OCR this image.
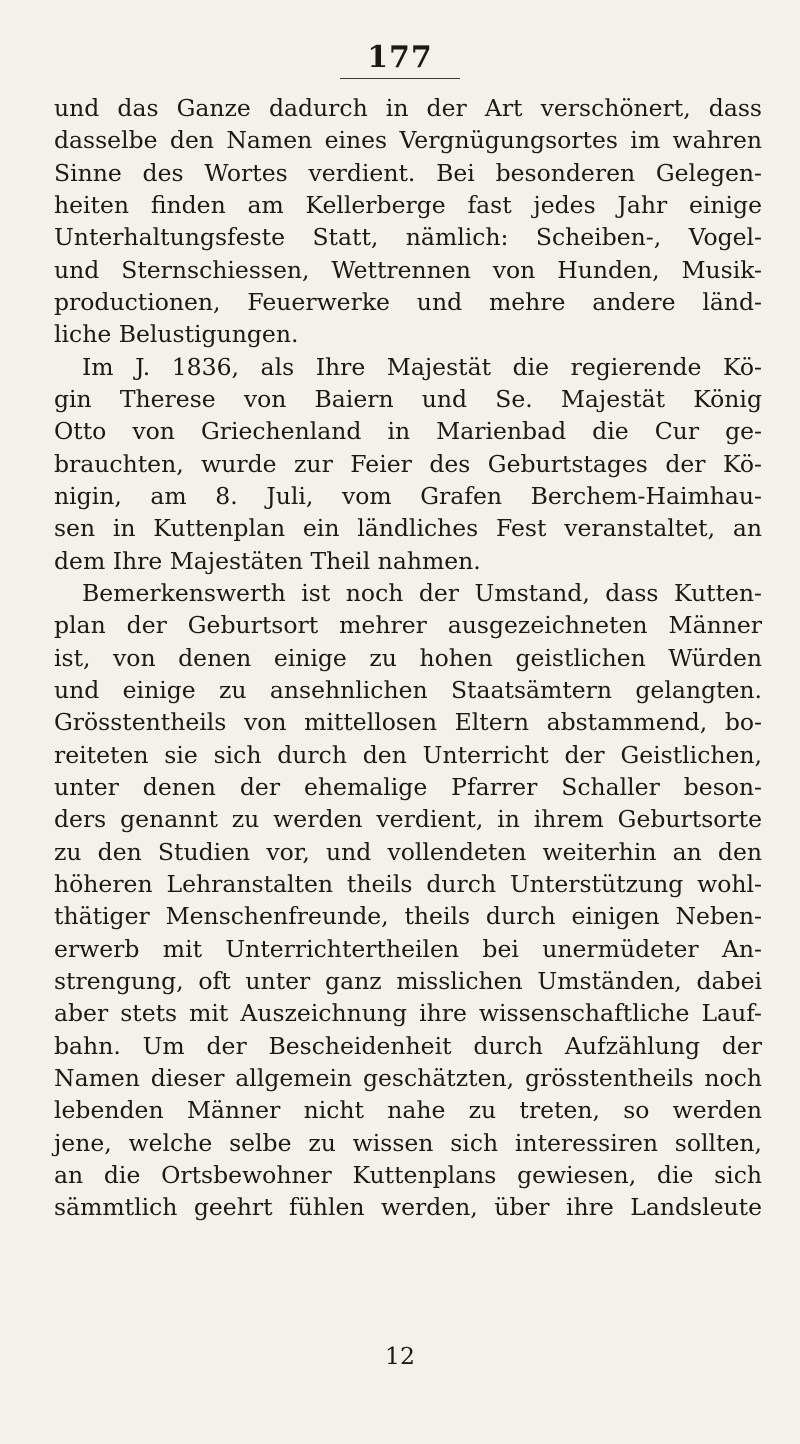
177
und das Ganze dadurch in der Art verschönert, dass
dasselbe den Namen eines Vergnügungsortes im wahren
Sinne des Wortes verdient. Bei besonderen Gelegen-
heiten finden am Kellerberge fast jedes Jahr einige
Unterhaltungsfeste Statt, nämlich: Scheiben-, Vogel-
und Sternschiessen, Wettrennen von Hunden, Musik-
productionen, Feuerwerke und mehre andere länd-
liche Belustigungen.
Im J. 1836, als Ihre Majestät die regierende Kö-
gin Therese von Baiern und Se. Majestät König
Otto von Griechenland in Marienbad die Cur ge-
brauchten, wurde zur Feier des Geburtstages der Kö-
nigin, am 8. Juli, vom Grafen Berchem-Haimhau-
sen in Kuttenplan ein ländliches Fest veranstaltet, an
dem Ihre Majestäten Theil nahmen.
Bemerkenswerth ist noch der Umstand, dass Kutten-
plan der Geburtsort mehrer ausgezeichneten Männer
ist, von denen einige zu hohen geistlichen Würden
und einige zu ansehnlichen Staatsämtern gelangten.
Grösstentheils von mittellosen Eltern abstammend, bo-
reiteten sie sich durch den Unterricht der Geistlichen,
unter denen der ehemalige Pfarrer Schaller beson-
ders genannt zu werden verdient, in ihrem Geburtsorte
zu den Studien vor, und vollendeten weiterhin an den
höheren Lehranstalten theils durch Unterstützung wohl-
thätiger Menschenfreunde, theils durch einigen Neben-
erwerb mit Unterrichtertheilen bei unermüdeter An-
strengung, oft unter ganz misslichen Umständen, dabei
aber stets mit Auszeichnung ihre wissenschaftliche Lauf-
bahn. Um der Bescheidenheit durch Aufzählung der
Namen dieser allgemein geschätzten, grösstentheils noch
lebenden Männer nicht nahe zu treten, so werden
jene, welche selbe zu wissen sich interessiren sollten,
an die Ortsbewohner Kuttenplans gewiesen, die sich
sämmtlich geehrt fühlen werden, über ihre Landsleute
12
